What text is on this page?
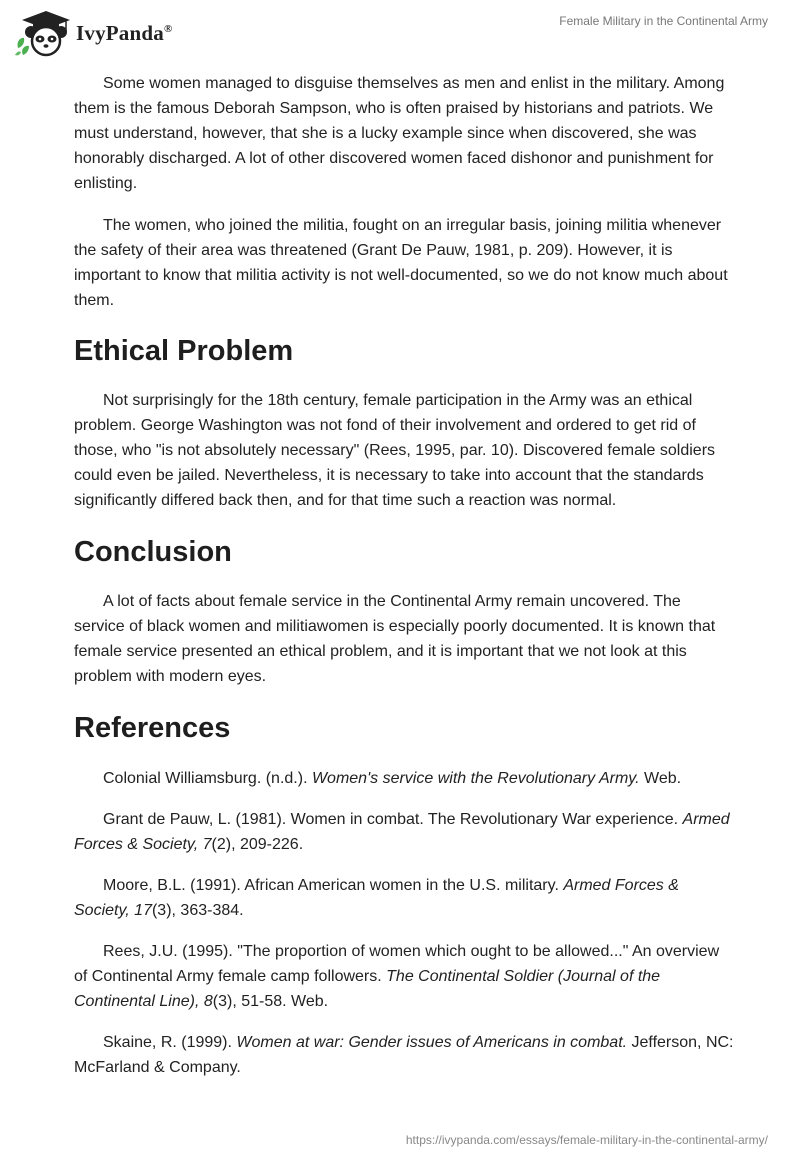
IvyPanda®
Female Military in the Continental Army

Some women managed to disguise themselves as men and enlist in the military. Among them is the famous Deborah Sampson, who is often praised by historians and patriots. We must understand, however, that she is a lucky example since when discovered, she was honorably discharged. A lot of other discovered women faced dishonor and punishment for enlisting.

The women, who joined the militia, fought on an irregular basis, joining militia whenever the safety of their area was threatened (Grant De Pauw, 1981, p. 209). However, it is important to know that militia activity is not well-documented, so we do not know much about them.

Ethical Problem

Not surprisingly for the 18th century, female participation in the Army was an ethical problem. George Washington was not fond of their involvement and ordered to get rid of those, who "is not absolutely necessary" (Rees, 1995, par. 10). Discovered female soldiers could even be jailed. Nevertheless, it is necessary to take into account that the standards significantly differed back then, and for that time such a reaction was normal.

Conclusion

A lot of facts about female service in the Continental Army remain uncovered. The service of black women and militiawomen is especially poorly documented. It is known that female service presented an ethical problem, and it is important that we not look at this problem with modern eyes.

References

Colonial Williamsburg. (n.d.). Women's service with the Revolutionary Army. Web.

Grant de Pauw, L. (1981). Women in combat. The Revolutionary War experience. Armed Forces & Society, 7(2), 209-226.

Moore, B.L. (1991). African American women in the U.S. military. Armed Forces & Society, 17(3), 363-384.

Rees, J.U. (1995). "The proportion of women which ought to be allowed..." An overview of Continental Army female camp followers. The Continental Soldier (Journal of the Continental Line), 8(3), 51-58. Web.

Skaine, R. (1999). Women at war: Gender issues of Americans in combat. Jefferson, NC: McFarland & Company.

https://ivypanda.com/essays/female-military-in-the-continental-army/
